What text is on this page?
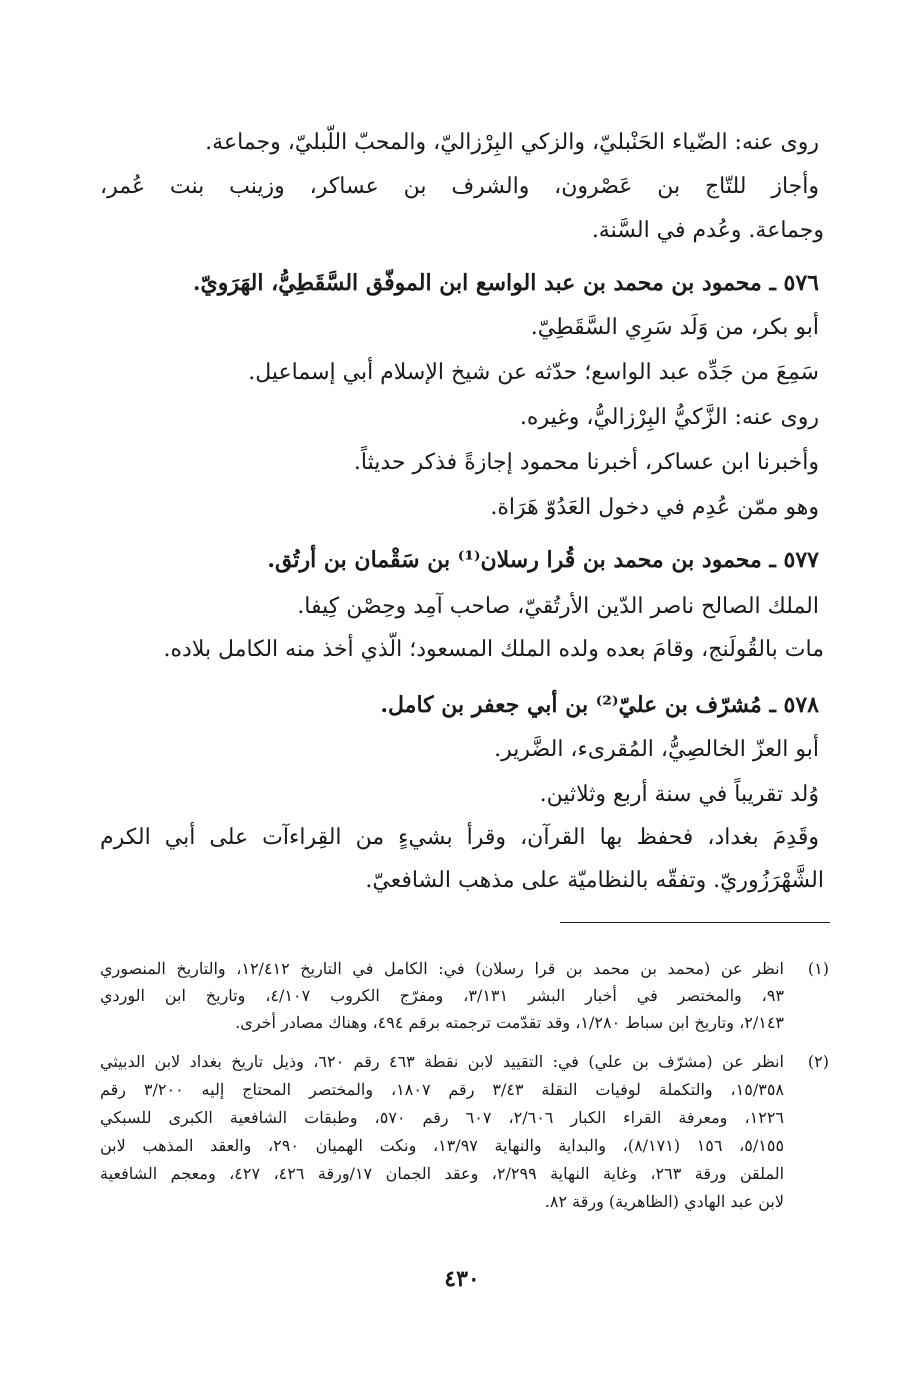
روى عنه: الضّياء الحَنْبليّ، والزكي البِرْزاليّ، والمحبّ اللّبليّ، وجماعة.
وأجاز للتّاج بن عَصْرون، والشرف بن عساكر، وزينب بنت عُمر،
وجماعة. وعُدم في السَّنة.
٥٧٦ ـ محمود بن محمد بن عبد الواسع ابن الموفّق السَّقَطِيُّ، الهَرَويّ.
أبو بكر، من وَلَد سَرِي السَّقَطِيّ.
سَمِعَ من جَدِّه عبد الواسع؛ حدّثه عن شيخ الإسلام أبي إسماعيل.
روى عنه: الزَّكيُّ البِرْزاليُّ، وغيره.
وأخبرنا ابن عساكر، أخبرنا محمود إجازةً فذكر حديثاً.
وهو ممّن عُدِم في دخول العَدُوّ هَرَاة.
٥٧٧ ـ محمود بن محمد بن قُرا رسلان⁽¹⁾ بن سَقْمان بن أرتُق.
الملك الصالح ناصر الدّين الأرتُقيّ، صاحب آمِد وحِصْن كِيفا.
مات بالقُولَنج، وقامَ بعده ولده الملك المسعود؛ الّذي أخذ منه الكامل بلاده.
٥٧٨ ـ مُشرّف بن عليّ⁽²⁾ بن أبي جعفر بن كامل.
أبو العزّ الخالصِيُّ، المُقرىء، الضَّرير.
وُلد تقريباً في سنة أربع وثلاثين.
وقَدِمَ بغداد، فحفظ بها القرآن، وقرأ بشيءٍ من القِراءآت على أبي الكرم
الشَّهْرَزُوريّ. وتفقّه بالنظاميّة على مذهب الشافعيّ.
(١)
انظر عن (محمد بن محمد بن قرا رسلان) في: الكامل في التاريخ ١٢/٤١٢، والتاريخ المنصوري
٩٣، والمختصر في أخبار البشر ٣/١٣١، ومفرّج الكروب ٤/١٠٧، وتاريخ ابن الوردي
٢/١٤٣، وتاريخ ابن سباط ١/٢٨٠، وقد تقدّمت ترجمته برقم ٤٩٤، وهناك مصادر أخرى.
(٢)
انظر عن (مشرّف بن علي) في: التقييد لابن نقطة ٤٦٣ رقم ٦٢٠، وذيل تاريخ بغداد لابن الدبيثي
١٥/٣٥٨، والتكملة لوفيات النقلة ٣/٤٣ رقم ١٨٠٧، والمختصر المحتاج إليه ٣/٢٠٠ رقم
١٢٢٦، ومعرفة القراء الكبار ٢/٦٠٦، ٦٠٧ رقم ٥٧٠، وطبقات الشافعية الكبرى للسبكي
٥/١٥٥، ١٥٦ (٨/١٧١)، والبداية والنهاية ١٣/٩٧، ونكت الهميان ٢٩٠، والعقد المذهب لابن
الملقن ورقة ٢٦٣، وغاية النهاية ٢/٢٩٩، وعقد الجمان ١٧/ورقة ٤٢٦، ٤٢٧، ومعجم الشافعية
لابن عبد الهادي (الظاهرية) ورقة ٨٢.
٤٣٠
